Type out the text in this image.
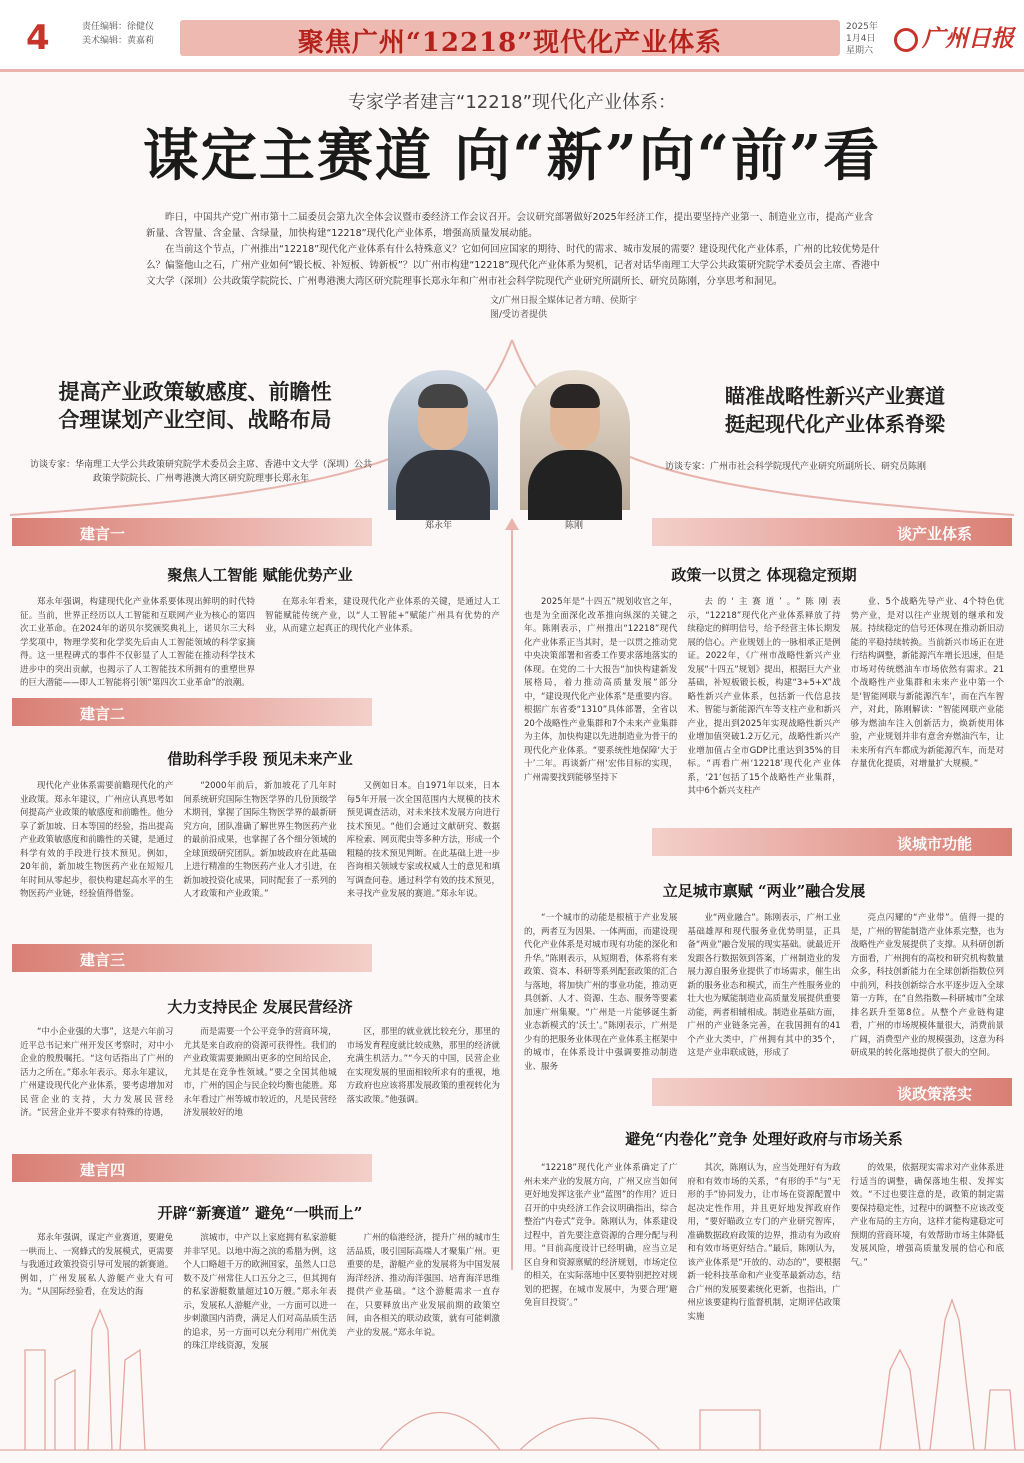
4	责任编辑：徐健仪
美术编辑：黄嘉莉	聚焦广州“12218”现代化产业体系
2025年
1月4日
星期六	广州日报
专家学者建言“12218”现代化产业体系：
谋定主赛道 向“新”向“前”看

昨日，中国共产党广州市第十二届委员会第九次全体会议暨市委经济工作会议召开。会议研究部署做好2025年经济工作，提出要坚持产业第一、制造业立市，提高产业含新量、含智量、含金量、含绿量，加快构建“12218”现代化产业体系，增强高质量发展动能。

在当前这个节点，广州推出“12218”现代化产业体系有什么特殊意义？它如何回应国家的期待、时代的需求、城市发展的需要？建设现代化产业体系，广州的比较优势是什么？偏鉴他山之石，广州产业如何“锻长板、补短板、铸新板”？以广州市构建“12218”现代化产业体系为契机，记者对话华南理工大学公共政策研究院学术委员会主席、香港中文大学（深圳）公共政策学院院长、广州粤港澳大湾区研究院理事长郑永年和广州市社会科学院现代产业研究所副所长、研究员陈刚，分享思考和洞见。

文/广州日报全媒体记者方晴、侯斯宇
图/受访者提供
提高产业政策敏感度、前瞻性
合理谋划产业空间、战略布局
访谈专家：华南理工大学公共政策研究院学术委员会主席、香港中文大学（深圳）公共政策学院院长、广州粤港澳大湾区研究院理事长郑永年
郑永年	陈刚
瞄准战略性新兴产业赛道
挺起现代化产业体系脊梁
访谈专家：广州市社会科学院现代产业研究所副所长、研究员陈刚
建言一
聚焦人工智能 赋能优势产业
郑永年强调，构建现代化产业体系要体现出鲜明的时代特征。当前，世界正经历以人工智能和互联网产业为核心的第四次工业革命。在2024年的诺贝尔奖颁奖典礼上，诺贝尔三大科学奖项中，物理学奖和化学奖先后由人工智能领域的科学家摘得。这一里程碑式的事件不仅彰显了人工智能在推动科学技术进步中的突出贡献，也揭示了人工智能技术所拥有的重塑世界的巨大潜能——即人工智能将引领“第四次工业革命”的浪潮。
在郑永年看来，建设现代化产业体系的关键，是通过人工智能赋能传统产业，以“人工智能+”赋能广州具有优势的产业，从而建立起真正的现代化产业体系。
建言二
借助科学手段 预见未来产业
现代化产业体系需要前瞻现代化的产业政策。郑永年建议，广州应认真思考如何提高产业政策的敏感度和前瞻性。他分享了新加坡、日本等国的经验，指出提高产业政策敏感度和前瞻性的关键，是通过科学有效的手段进行技术预见。例如，20年前，新加坡生物医药产业在短短几年时间从零起步，很快构建起高水平的生物医药产业链，经验值得借鉴。
“2000年前后，新加坡花了几年时间系统研究国际生物医学界的几份顶级学术期刊，掌握了国际生物医学界的最新研究方向，团队准确了解世界生物医药产业的最前沿成果，也掌握了各个细分领域的全球顶级研究团队。新加坡政府在此基础上进行精准的生物医药产业人才引进，在新加坡投资化成果，同时配套了一系列的人才政策和产业政策。”
又例如日本。自1971年以来，日本每5年开展一次全国范围内大规模的技术预见调查活动，对未来技术发展方向进行技术预见。“他们会通过文献研究、数据库检索、网页爬虫等多种方法，形成一个粗糙的技术预见判断。在此基础上进一步咨询相关领域专家或权威人士的意见和填写调查问卷。通过科学有效的技术预见，来寻找产业发展的赛道。”郑永年说。
建言三
大力支持民企 发展民营经济
“中小企业强的大事”，这是六年前习近平总书记来广州开发区考察时，对中小企业的殷殷嘱托。“这句话指出了广州的活力之所在。”郑永年表示。郑永年建议，广州建设现代化产业体系，要考虑增加对民营企业的支持，大力发展民营经济。“民营企业并不要求有特殊的待遇，
而是需要一个公平竞争的营商环境，尤其是来自政府的资源可获得性。我们的产业政策需要兼顾出更多的空间给民企，尤其是在竞争性领域。”要之全国其他城市，广州的国企与民企较均衡也能胜。郑永年看过广州等城市较近的，凡是民营经济发展较好的地
区，那里的就业就比较充分，那里的市场发育程度就比较成熟，那里的经济就充满生机活力。”“今天的中国，民营企业在实现发展的里面相较所求有的重视，地方政府也应该将那发展政策的重视转化为落实政策。”他强调。
建言四
开辟“新赛道” 避免“一哄而上”
郑永年强调，谋定产业赛道，要避免一哄而上、一窝蜂式的发展模式，更需要与我通过政策投资引导可发展的新赛道。例如，广州发展私人游艇产业大有可为。“从国际经验看，在发达的海
滨城市，中产以上家庭拥有私家游艇并非罕见。以地中海之滨的希腊为例，这个人口略超千万的欧洲国家，虽然人口总数不及广州常住人口五分之三，但其拥有的私家游艇数量超过10万艘。”郑永年表示，发展私人游艇产业，一方面可以进一步刺激国内消费，满足人们对高品质生活的追求，另一方面可以充分利用广州优美的珠江岸线资源，发展
广州的临港经济，提升广州的城市生活品质，吸引国际高端人才聚集广州。更重要的是，游艇产业的发展将为中国发展海洋经济、推动海洋强国、培育海洋思维提供产业基础。“这个游艇需求一直存在，只要释放出产业发展前期的政策空间，由各相关的联动政策，就有可能刺激产业的发展。”郑永年说。
谈产业体系
政策一以贯之 体现稳定预期
2025年是“十四五”规划收官之年，也是为全面深化改革推向纵深的关键之年。陈刚表示，广州推出“12218”现代化产业体系正当其时，是一以贯之推动党中央决策部署和省委工作要求落地落实的体现。在党的二十大报告“加快构建新发展格局，着力推动高质量发展”部分中，“建设现代化产业体系”是重要内容。根据广东省委“1310”具体部署，全省以20个战略性产业集群和7个未来产业集群为主体，加快构建以先进制造业为骨干的现代化产业体系。“要系统性地保障‘大于十’二年。再谈新广州‘宏伟目标的实现，广州需要找到能够坚持下
去的‘主赛道’。”陈刚表示，“12218”现代化产业体系释放了持续稳定的鲜明信号，给予经营主体长期发展的信心。产业规划上的一脉相承正是例证。2022年，《广州市战略性新兴产业发展“十四五”规划》提出，根据巨大产业基础，补短板锻长板，构建“3+5+X”战略性新兴产业体系，包括新一代信息技术、智能与新能源汽车等支柱产业和新兴产业，提出到2025年实现战略性新兴产业增加值突破1.2万亿元，战略性新兴产业增加值占全市GDP比重达到35%的目标。“再看广州‘12218’现代化产业体系，‘21’包括了15个战略性产业集群，其中6个新兴支柱产
业、5个战略先导产业、4个特色优势产业，是对以往产业规划的继承和发展。持续稳定的信号还体现在推动新旧动能的平稳持续转换。当前新兴市场正在进行结构调整，新能源汽车增长迅速，但是市场对传统燃油车市场依然有需求。21个战略性产业集群和未来产业中第一个是‘智能网联与新能源汽车’，而在汽车智产，对此，陈刚解读：“智能网联产业能够为燃油车注入创新活力，焕新使用体验，产业规划并非有意舍弃燃油汽车，让未来所有汽车都成为新能源汽车，而是对存量优化提质，对增量扩大规模。”
谈城市功能
立足城市禀赋 “两业”融合发展
“一个城市的动能是根植于产业发展的，两者互为因果、一体两面，而建设现代化产业体系是对城市现有功能的深化和升华。”陈刚表示，从短期看，体系将有来政策、资本、科研等系列配套政策的汇合与落地，将加快广州的事业功能，推动更具创新、人才、资源、生态、服务等要素加速广州集聚。“广州是一片能够诞生新业态新模式的‘沃土’。”陈刚表示，广州是少有的把服务业体现在产业体系主框架中的城市，在体系设计中强调要推动制造业、服务
业“两业融合”。陈刚表示，广州工业基础雄厚和现代服务业优势明显，正具备“两业”融合发展的现实基础。就最近开发跟各行数据领到答案，广州制造业的发展力源自服务业提供了市场需求，催生出新的服务业态和模式，而生产性服务业的壮大也为赋能制造业高质量发展提供重要动能，两者相辅相成。制造业基础方面，广州的产业链条完善，在我国拥有的41个产业大类中，广州拥有其中的35个，这是产业串联成链，形成了
亮点闪耀的“产业带”。值得一提的是，广州的智能制造产业体系完整，也为战略性产业发展提供了支撑。从科研创新方面看，广州拥有的高校和研究机构数量众多，科技创新能力在全球创新指数位列中前列，科技创新综合水平逐步迈入全球第一方阵，在“自然指数—科研城市”全球排名跃升至第8位。从整个产业链构建看，广州的市场规模体量很大，消费前景广阔，消费型产业的规模强劲，这意为科研成果的转化落地提供了很大的空间。
谈政策落实
避免“内卷化”竞争 处理好政府与市场关系
“12218”现代化产业体系确定了广州未来产业的发展方向，广州又应当如何更好地发挥这张产业“蓝图”的作用？近日召开的中央经济工作会议明确指出，综合整治“内卷式”竞争。陈刚认为，体系建设过程中，首先要注意资源的合理分配与利用。“目前高度设计已经明确，应当立足区自身和资源禀赋的经济规划，市场定位的相关，在实际落地中区要特别把控对规划的把握，在城市发展中，为要合理‘避免盲目投资’。”
其次，陈刚认为，应当处理好有为政府和有效市场的关系，“有形的手”与“无形的手”协同发力，让市场在资源配置中起决定性作用，并且更好地发挥政府作用，“要好瞄政立专门的产业研究智库，准确数据政府政策的边界，推动有为政府和有效市场更好结合。”最后，陈刚认为，该产业体系是“开放的、动态的”，要根据新一轮科技革命和产业变革最新动态，结合广州的发展要素统化更新，也指出，广州应该要建构行监督机制，定期评估政策实施
的效果，依据现实需求对产业体系进行适当的调整，确保落地生根、发挥实效。“不过也要注意的是，政策的制定需要保持稳定性，过程中的调整不应该改变产业布局的主方向，这样才能构建稳定可预期的营商环境，有效帮助市场主体降低发展风险，增强高质量发展的信心和底气。”
